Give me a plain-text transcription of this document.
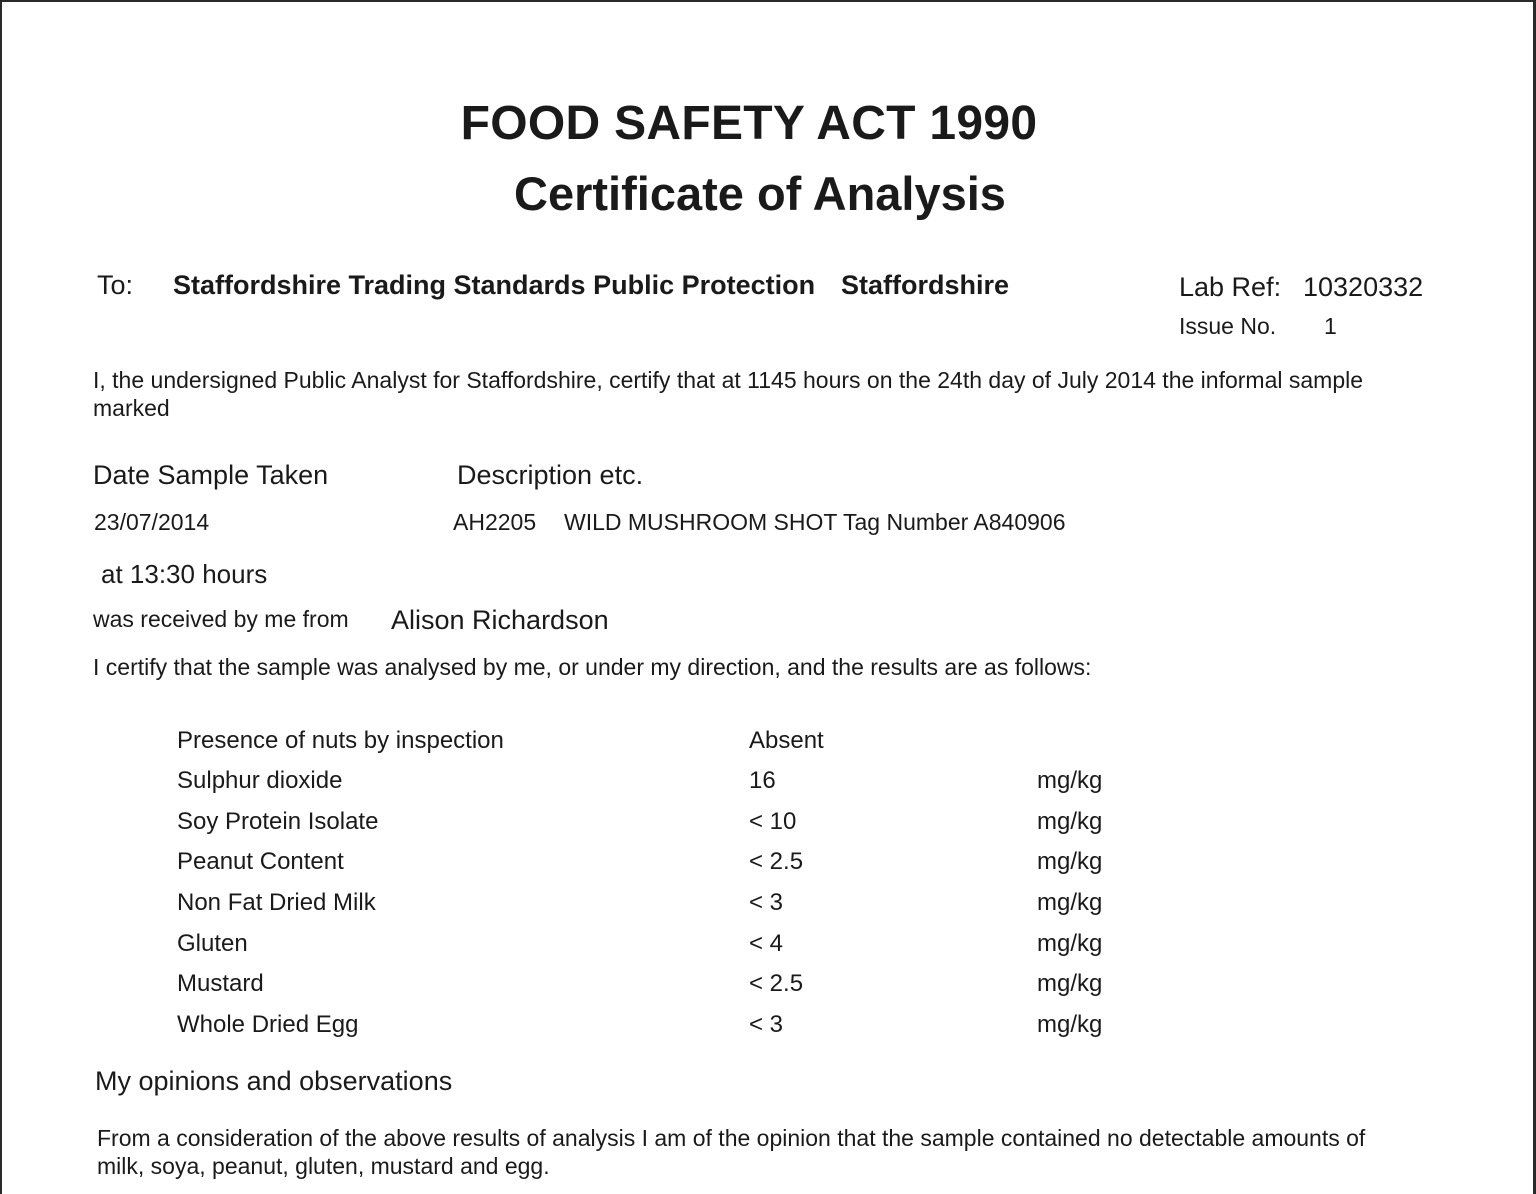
FOOD SAFETY ACT 1990
Certificate of Analysis
To: Staffordshire Trading Standards Public Protection Staffordshire	Lab Ref: 10320332
Issue No. 1
I, the undersigned Public Analyst for Staffordshire, certify that at 1145 hours on the 24th day of July 2014 the informal sample marked
Date Sample Taken	Description etc.
23/07/2014	AH2205 WILD MUSHROOM SHOT Tag Number A840906
at 13:30 hours
was received by me from Alison Richardson
I certify that the sample was analysed by me, or under my direction, and the results are as follows:
Presence of nuts by inspection	Absent
Sulphur dioxide	16	mg/kg
Soy Protein Isolate	< 10	mg/kg
Peanut Content	< 2.5	mg/kg
Non Fat Dried Milk	< 3	mg/kg
Gluten	< 4	mg/kg
Mustard	< 2.5	mg/kg
Whole Dried Egg	< 3	mg/kg
My opinions and observations
From a consideration of the above results of analysis I am of the opinion that the sample contained no detectable amounts of milk, soya, peanut, gluten, mustard and egg.
